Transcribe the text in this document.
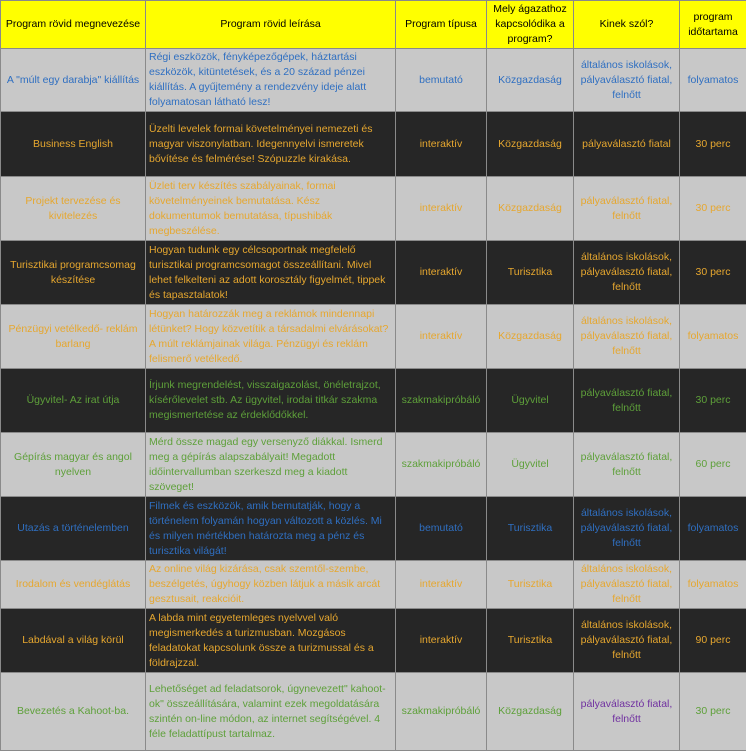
Program rövid megnevezése	Program rövid leírása	Program típusa	Mely ágazathoz kapcsolódika a program?	Kinek szól?	program időtartama
A "múlt egy darabja" kiállítás	Régi eszközök, fényképezőgépek, háztartási eszközök, kitüntetések, és a 20 század pénzei kiállítás. A gyűjtemény a rendezvény ideje alatt folyamatosan látható lesz!	bemutató	Közgazdaság	általános iskolások, pályaválasztó fiatal, felnőtt	folyamatos
Business English	Üzelti levelek formai követelményei nemezeti és magyar viszonylatban. Idegennyelvi ismeretek bővítése és felmérése! Szópuzzle kirakása.	interaktív	Közgazdaság	pályaválasztó fiatal	30 perc
Projekt tervezése és kivitelezés	Üzleti terv készítés szabályainak, formai követelményeinek bemutatása. Kész dokumentumok bemutatása, típushibák megbeszélése.	interaktív	Közgazdaság	pályaválasztó fiatal, felnőtt	30 perc
Turisztikai programcsomag készítése	Hogyan tudunk egy célcsoportnak megfelelő turisztikai programcsomagot összeállítani. Mivel lehet felkelteni az adott korosztály figyelmét, tippek és tapasztalatok!	interaktív	Turisztika	általános iskolások, pályaválasztó fiatal, felnőtt	30 perc
Pénzügyi vetélkedő- reklám barlang	Hogyan határozzák meg a reklámok mindennapi létünket? Hogy közvetítik a társadalmi elvárásokat? A múlt reklámjainak világa. Pénzügyi és reklám felismerő vetélkedő.	interaktív	Közgazdaság	általános iskolások, pályaválasztó fiatal, felnőtt	folyamatos
Ügyvitel- Az irat útja	Írjunk megrendelést, visszaigazolást, önéletrajzot, kísérőlevelet stb. Az ügyvitel, irodai titkár szakma megismertetése az érdeklődőkkel.	szakmakipróbáló	Ügyvitel	pályaválasztó fiatal, felnőtt	30 perc
Gépírás magyar és angol nyelven	Mérd össze magad egy versenyző diákkal. Ismerd meg a gépírás alapszabályait! Megadott időintervallumban szerkeszd meg a kiadott szöveget!	szakmakipróbáló	Ügyvitel	pályaválasztó fiatal, felnőtt	60 perc
Utazás a történelemben	Filmek és eszközök, amik bemutatják, hogy a történelem folyamán hogyan változott a közlés. Mi és milyen mértékben határozta meg a pénz és turisztika világát!	bemutató	Turisztika	általános iskolások, pályaválasztó fiatal, felnőtt	folyamatos
Irodalom és vendéglátás	Az online világ kizárása, csak szemtől-szembe, beszélgetés, úgyhogy közben látjuk a másik arcát gesztusait, reakcióit.	interaktív	Turisztika	általános iskolások, pályaválasztó fiatal, felnőtt	folyamatos
Labdával a világ körül	A labda mint egyetemleges nyelvvel való megismerkedés a turizmusban. Mozgásos feladatokat kapcsolunk össze a turizmussal és a földrajzzal.	interaktív	Turisztika	általános iskolások, pályaválasztó fiatal, felnőtt	90 perc
Bevezetés a Kahoot-ba.	Lehetőséget ad feladatsorok, úgynevezett" kahoot-ok" összeállítására, valamint ezek megoldatására szintén on-line módon, az internet segítségével. 4 féle feladattípust tartalmaz.	szakmakipróbáló	Közgazdaság	pályaválasztó fiatal, felnőtt	30 perc
